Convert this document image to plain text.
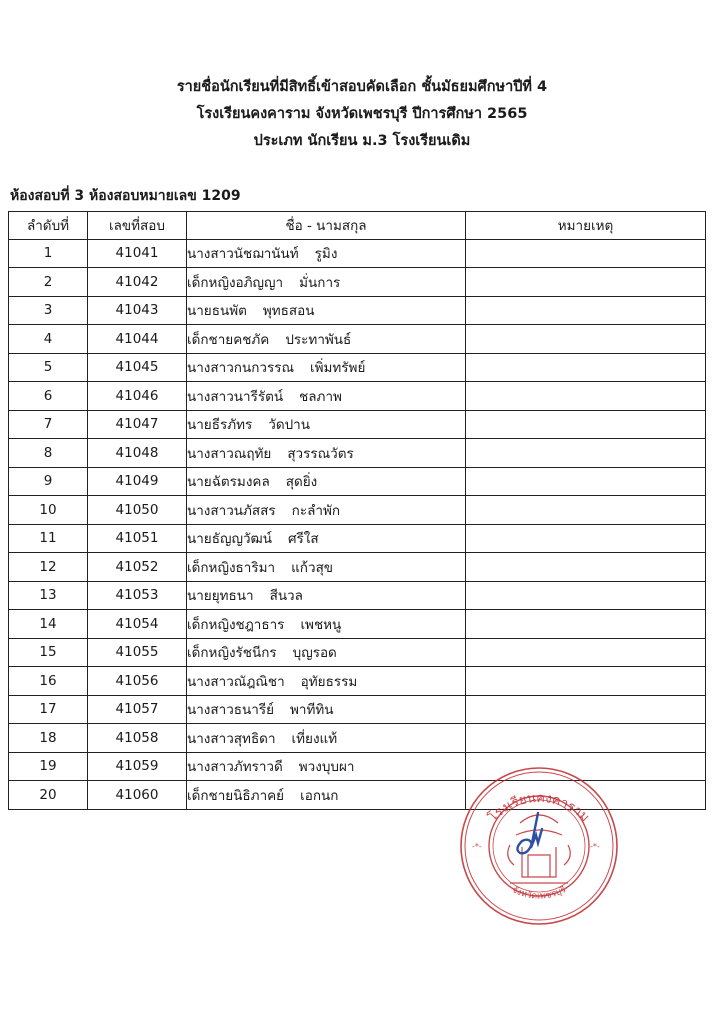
รายชื่อนักเรียนที่มีสิทธิ์เข้าสอบคัดเลือก ชั้นมัธยมศึกษาปีที่ 4
โรงเรียนคงคาราม จังหวัดเพชรบุรี ปีการศึกษา 2565
ประเภท นักเรียน ม.3 โรงเรียนเดิม
ห้องสอบที่ 3 ห้องสอบหมายเลข 1209
ลำดับที่	เลขที่สอบ	ชื่อ - นามสกุล	หมายเหตุ
1	41041	นางสาวนัชฌานันท์ รูมิง	
2	41042	เด็กหญิงอภิญญา มั่นการ	
3	41043	นายธนพัต พุทธสอน	
4	41044	เด็กชายคชภัค ประทาพันธ์	
5	41045	นางสาวกนกวรรณ เพิ่มทรัพย์	
6	41046	นางสาวนารีรัตน์ ชลภาพ	
7	41047	นายธีรภัทร วัดปาน	
8	41048	นางสาวณฤทัย สุวรรณวัตร	
9	41049	นายฉัตรมงคล สุดยิ่ง	
10	41050	นางสาวนภัสสร กะลำพัก	
11	41051	นายธัญญวัฒน์ ศรีใส	
12	41052	เด็กหญิงธาริมา แก้วสุข	
13	41053	นายยุทธนา สีนวล	
14	41054	เด็กหญิงชฎาธาร เพชหนู	
15	41055	เด็กหญิงรัชนีกร บุญรอด	
16	41056	นางสาวณัฎณิชา อุทัยธรรม	
17	41057	นางสาวธนารีย์ พาทีทิน	
18	41058	นางสาวสุทธิดา เที่ยงแท้	
19	41059	นางสาวภัทราวดี พวงบุบผา	
20	41060	เด็กชายนิธิภาคย์ เอกนก	
-*-	-*-
โรงเรียนคงคาราม
จังหวัดเพชรบุรี
